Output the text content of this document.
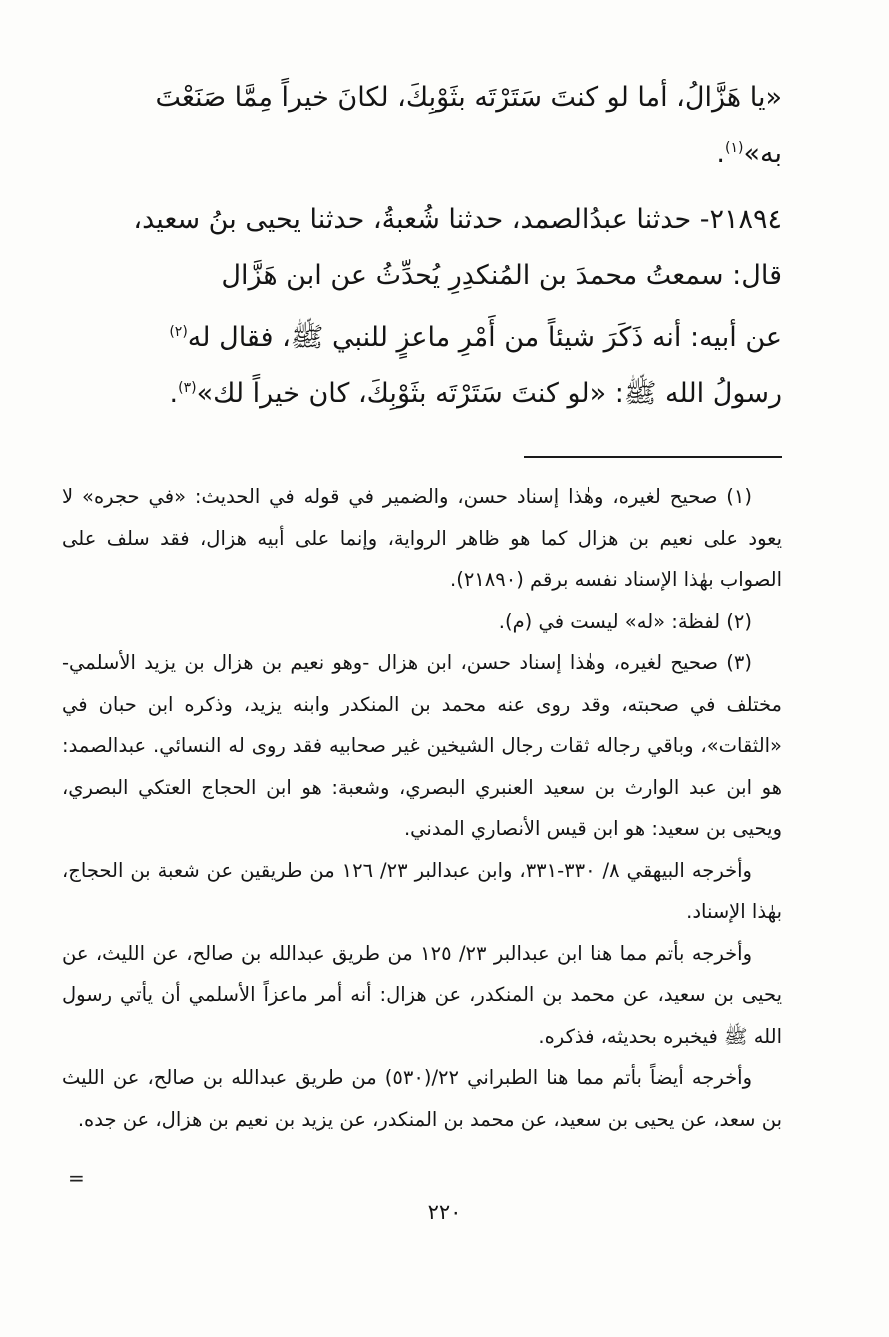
«يا هَزَّالُ، أما لو كنتَ سَتَرْتَه بثَوْبِكَ، لكانَ خيراً مِمَّا صَنَعْتَ

به»$^{(١)}$.

٢١٨٩٤- حدثنا عبدُالصمد، حدثنا شُعبةُ، حدثنا يحيى بنُ سعيد،

قال: سمعتُ محمدَ بن المُنكدِرِ يُحدِّثُ عن ابن هَزَّال

عن أبيه: أنه ذَكَرَ شيئاً من أَمْرِ ماعزٍ للنبي ﷺ، فقال له$^{(٢)}$

رسولُ الله ﷺ: «لو كنتَ سَتَرْتَه بثَوْبِكَ، كان خيراً لك»$^{(٣)}$.

(١) صحيح لغيره، وهٰذا إسناد حسن، والضمير في قوله في الحديث: «في حجره» لا يعود على نعيم بن هزال كما هو ظاهر الرواية، وإنما على أبيه هزال، فقد سلف على الصواب بهٰذا الإسناد نفسه برقم (٢١٨٩٠).

(٢) لفظة: «له» ليست في (م).

(٣) صحيح لغيره، وهٰذا إسناد حسن، ابن هزال -وهو نعيم بن هزال بن يزيد الأسلمي- مختلف في صحبته، وقد روى عنه محمد بن المنكدر وابنه يزيد، وذكره ابن حبان في «الثقات»، وباقي رجاله ثقات رجال الشيخين غير صحابيه فقد روى له النسائي. عبدالصمد: هو ابن عبد الوارث بن سعيد العنبري البصري، وشعبة: هو ابن الحجاج العتكي البصري، ويحيى بن سعيد: هو ابن قيس الأنصاري المدني.

وأخرجه البيهقي ٨/ ٣٣٠-٣٣١، وابن عبدالبر ٢٣/ ١٢٦ من طريقين عن شعبة بن الحجاج، بهٰذا الإسناد.

وأخرجه بأتم مما هنا ابن عبدالبر ٢٣/ ١٢٥ من طريق عبدالله بن صالح، عن الليث، عن يحيى بن سعيد، عن محمد بن المنكدر، عن هزال: أنه أمر ماعزاً الأسلمي أن يأتي رسول الله ﷺ فيخبره بحديثه، فذكره.

وأخرجه أيضاً بأتم مما هنا الطبراني ٢٢/(٥٣٠) من طريق عبدالله بن صالح، عن الليث بن سعد، عن يحيى بن سعيد، عن محمد بن المنكدر، عن يزيد بن نعيم بن هزال، عن جده.

=
٢٢٠
